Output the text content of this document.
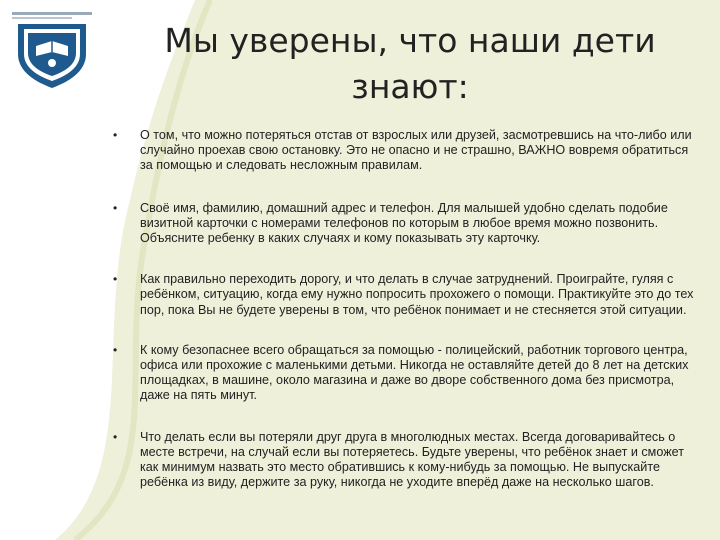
Мы уверены, что наши дети знают:
• О том, что можно потеряться отстав от взрослых или друзей, засмотревшись на что-либо или случайно проехав свою остановку. Это не опасно и не страшно, ВАЖНО вовремя обратиться за помощью и следовать несложным правилам.
• Своё имя, фамилию, домашний адрес и телефон. Для малышей удобно сделать подобие визитной карточки с номерами телефонов по которым в любое время можно позвонить. Объясните ребенку в каких случаях и кому показывать эту карточку.
• Как правильно переходить дорогу, и что делать в случае затруднений. Проиграйте, гуляя с ребёнком, ситуацию, когда ему нужно попросить прохожего о помощи. Практикуйте это до тех пор, пока Вы не будете уверены в том, что ребёнок понимает и не стесняется этой ситуации.
• К кому безопаснее всего обращаться за помощью - полицейский, работник торгового центра, офиса или прохожие с маленькими детьми. Никогда не оставляйте детей до 8 лет на детских площадках, в машине, около магазина и даже во дворе собственного дома без присмотра, даже на пять минут.
• Что делать если вы потеряли друг друга в многолюдных местах. Всегда договаривайтесь о месте встречи, на случай если вы потеряетесь. Будьте уверены, что ребёнок знает и сможет как минимум назвать это место обратившись к кому-нибудь за помощью. Не выпускайте ребёнка из виду, держите за руку, никогда не уходите вперёд даже на несколько шагов.
